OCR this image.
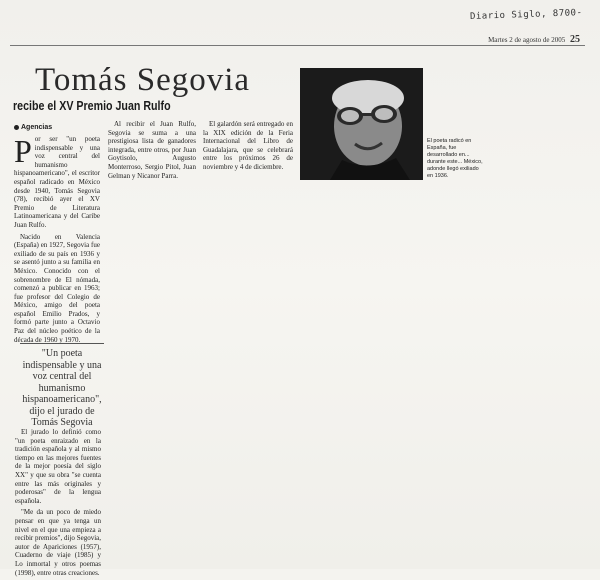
Diario Siglo, 8700-
Martes 2 de agosto de 2005 25
Tomás Segovia
recibe el XV Premio Juan Rulfo
Agencias

Por ser "un poeta indispensable y una voz central del humanismo hispanoamericano", el escritor español radicado en México desde 1940, Tomás Segovia (78), recibió ayer el XV Premio de Literatura Latinoamericana y del Caribe Juan Rulfo.

Nacido en Valencia (España) en 1927, Segovia fue exiliado de su país en 1936 y se asentó junto a su familia en México. Conocido con el sobrenombre de El nómada, comenzó a publicar en 1963; fue profesor del Colegio de México, amigo del poeta español Emilio Prados, y formó parte junto a Octavio Paz del núcleo poético de la década de 1960 y 1970.

"Un poeta indispensable y una voz central del humanismo hispanoamericano",
dijo el jurado de Tomás Segovia

El jurado lo definió como "un poeta enraizado en la tradición española y al mismo tiempo en las mejores fuentes de la mejor poesía del siglo XX" y que su obra "se cuenta entre las más originales y poderosas" de la lengua española.

"Me da un poco de miedo pensar en que ya tenga un nivel en el que una empieza a recibir premios", dijo Segovia, autor de Apariciones (1957), Cuaderno de viaje (1985) y Lo inmortal y otros poemas (1998), entre otras creaciones.

Al recibir el Juan Rulfo, Segovia se suma a una prestigiosa lista de ganadores integrada, entre otros, por Juan Goytisolo, Augusto Monterroso, Sergio Pitol, Juan Gelman y Nicanor Parra.

El galardón será entregado en la XIX edición de la Feria Internacional del Libro de Guadalajara, que se celebrará entre los próximos 26 de noviembre y 4 de diciembre.

El poeta radicó en España, fue desarrollado en... durante este... México, adonde llegó exiliado en 1936.
